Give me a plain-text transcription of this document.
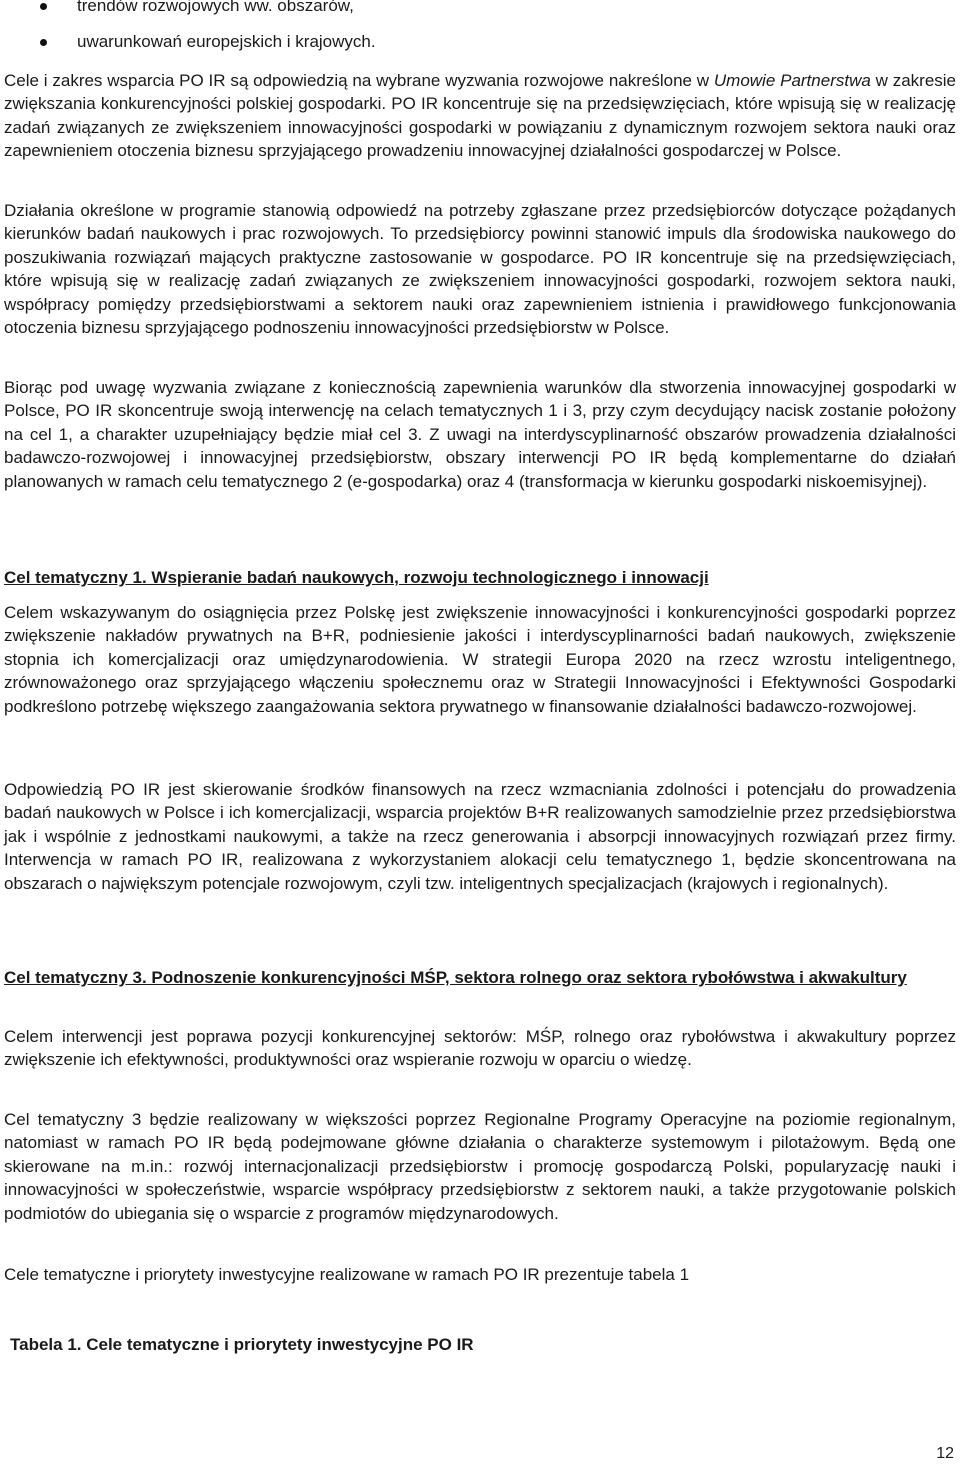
trendów rozwojowych ww. obszarów,
uwarunkowań europejskich i krajowych.

Cele i zakres wsparcia PO IR są odpowiedzią na wybrane wyzwania rozwojowe nakreślone w Umowie Partnerstwa w zakresie zwiększania konkurencyjności polskiej gospodarki. PO IR koncentruje się na przedsięwzięciach, które wpisują się w realizację zadań związanych ze zwiększeniem innowacyjności gospodarki w powiązaniu z dynamicznym rozwojem sektora nauki oraz zapewnieniem otoczenia biznesu sprzyjającego prowadzeniu innowacyjnej działalności gospodarczej w Polsce.

Działania określone w programie stanowią odpowiedź na potrzeby zgłaszane przez przedsiębiorców dotyczące pożądanych kierunków badań naukowych i prac rozwojowych. To przedsiębiorcy powinni stanowić impuls dla środowiska naukowego do poszukiwania rozwiązań mających praktyczne zastosowanie w gospodarce. PO IR koncentruje się na przedsięwzięciach, które wpisują się w realizację zadań związanych ze zwiększeniem innowacyjności gospodarki, rozwojem sektora nauki, współpracy pomiędzy przedsiębiorstwami a sektorem nauki oraz zapewnieniem istnienia i prawidłowego funkcjonowania otoczenia biznesu sprzyjającego podnoszeniu innowacyjności przedsiębiorstw w Polsce.

Biorąc pod uwagę wyzwania związane z koniecznością zapewnienia warunków dla stworzenia innowacyjnej gospodarki w Polsce, PO IR skoncentruje swoją interwencję na celach tematycznych 1 i 3, przy czym decydujący nacisk zostanie położony na cel 1, a charakter uzupełniający będzie miał cel 3. Z uwagi na interdyscyplinarność obszarów prowadzenia działalności badawczo-rozwojowej i innowacyjnej przedsiębiorstw, obszary interwencji PO IR będą komplementarne do działań planowanych w ramach celu tematycznego 2 (e-gospodarka) oraz 4 (transformacja w kierunku gospodarki niskoemisyjnej).

Cel tematyczny 1. Wspieranie badań naukowych, rozwoju technologicznego i innowacji

Celem wskazywanym do osiągnięcia przez Polskę jest zwiększenie innowacyjności i konkurencyjności gospodarki poprzez zwiększenie nakładów prywatnych na B+R, podniesienie jakości i interdyscyplinarności badań naukowych, zwiększenie stopnia ich komercjalizacji oraz umiędzynarodowienia. W strategii Europa 2020 na rzecz wzrostu inteligentnego, zrównoważonego oraz sprzyjającego włączeniu społecznemu oraz w Strategii Innowacyjności i Efektywności Gospodarki podkreślono potrzebę większego zaangażowania sektora prywatnego w finansowanie działalności badawczo-rozwojowej.

Odpowiedzią PO IR jest skierowanie środków finansowych na rzecz wzmacniania zdolności i potencjału do prowadzenia badań naukowych w Polsce i ich komercjalizacji, wsparcia projektów B+R realizowanych samodzielnie przez przedsiębiorstwa jak i wspólnie z jednostkami naukowymi, a także na rzecz generowania i absorpcji innowacyjnych rozwiązań przez firmy. Interwencja w ramach PO IR, realizowana z wykorzystaniem alokacji celu tematycznego 1, będzie skoncentrowana na obszarach o największym potencjale rozwojowym, czyli tzw. inteligentnych specjalizacjach (krajowych i regionalnych).

Cel tematyczny 3. Podnoszenie konkurencyjności MŚP, sektora rolnego oraz sektora rybołówstwa i akwakultury

Celem interwencji jest poprawa pozycji konkurencyjnej sektorów: MŚP, rolnego oraz rybołówstwa i akwakultury poprzez zwiększenie ich efektywności, produktywności oraz wspieranie rozwoju w oparciu o wiedzę.

Cel tematyczny 3 będzie realizowany w większości poprzez Regionalne Programy Operacyjne na poziomie regionalnym, natomiast w ramach PO IR będą podejmowane główne działania o charakterze systemowym i pilotażowym. Będą one skierowane na m.in.: rozwój internacjonalizacji przedsiębiorstw i promocję gospodarczą Polski, popularyzację nauki i innowacyjności w społeczeństwie, wsparcie współpracy przedsiębiorstw z sektorem nauki, a także przygotowanie polskich podmiotów do ubiegania się o wsparcie z programów międzynarodowych.

Cele tematyczne i priorytety inwestycyjne realizowane w ramach PO IR prezentuje tabela 1

Tabela 1. Cele tematyczne i priorytety inwestycyjne PO IR

12
